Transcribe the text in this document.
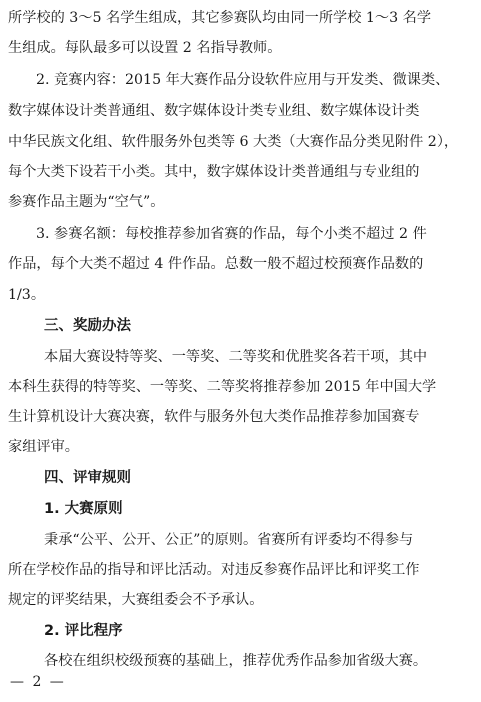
所学校的 3～5 名学生组成，其它参赛队均由同一所学校 1～3 名学
生组成。每队最多可以设置 2 名指导教师。
2. 竞赛内容：2015 年大赛作品分设软件应用与开发类、微课类、
数字媒体设计类普通组、数字媒体设计类专业组、数字媒体设计类
中华民族文化组、软件服务外包类等 6 大类（大赛作品分类见附件 2），
每个大类下设若干小类。其中，数字媒体设计类普通组与专业组的
参赛作品主题为“空气”。
3. 参赛名额：每校推荐参加省赛的作品，每个小类不超过 2 件
作品，每个大类不超过 4 件作品。总数一般不超过校预赛作品数的
1/3。
三、奖励办法
本届大赛设特等奖、一等奖、二等奖和优胜奖各若干项，其中
本科生获得的特等奖、一等奖、二等奖将推荐参加 2015 年中国大学
生计算机设计大赛决赛，软件与服务外包大类作品推荐参加国赛专
家组评审。
四、评审规则
1. 大赛原则
秉承“公平、公开、公正”的原则。省赛所有评委均不得参与
所在学校作品的指导和评比活动。对违反参赛作品评比和评奖工作
规定的评奖结果，大赛组委会不予承认。
2. 评比程序
各校在组织校级预赛的基础上，推荐优秀作品参加省级大赛。
— 2 —
